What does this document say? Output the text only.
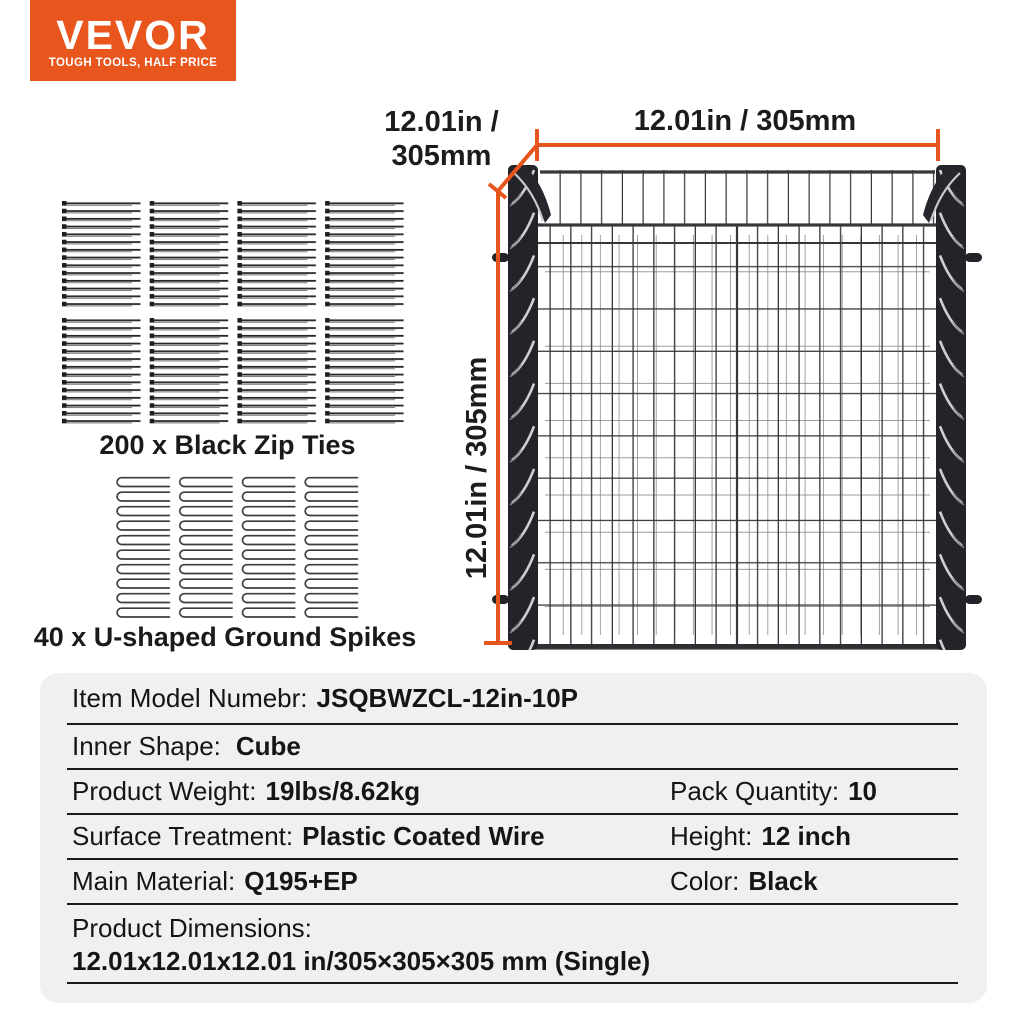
VEVOR
TOUGH TOOLS, HALF PRICE
200 x Black Zip Ties
40 x U-shaped Ground Spikes
12.01in / 305mm
12.01in /
305mm
12.01in / 305mm
Item Model Numebr: JSQBWZCL-12in-10P
Inner Shape: Cube
Product Weight: 19lbs/8.62kg	Pack Quantity: 10
Surface Treatment: Plastic Coated Wire	Height: 12 inch
Main Material: Q195+EP	Color: Black
Product Dimensions:
12.01x12.01x12.01 in/305×305×305 mm (Single)
